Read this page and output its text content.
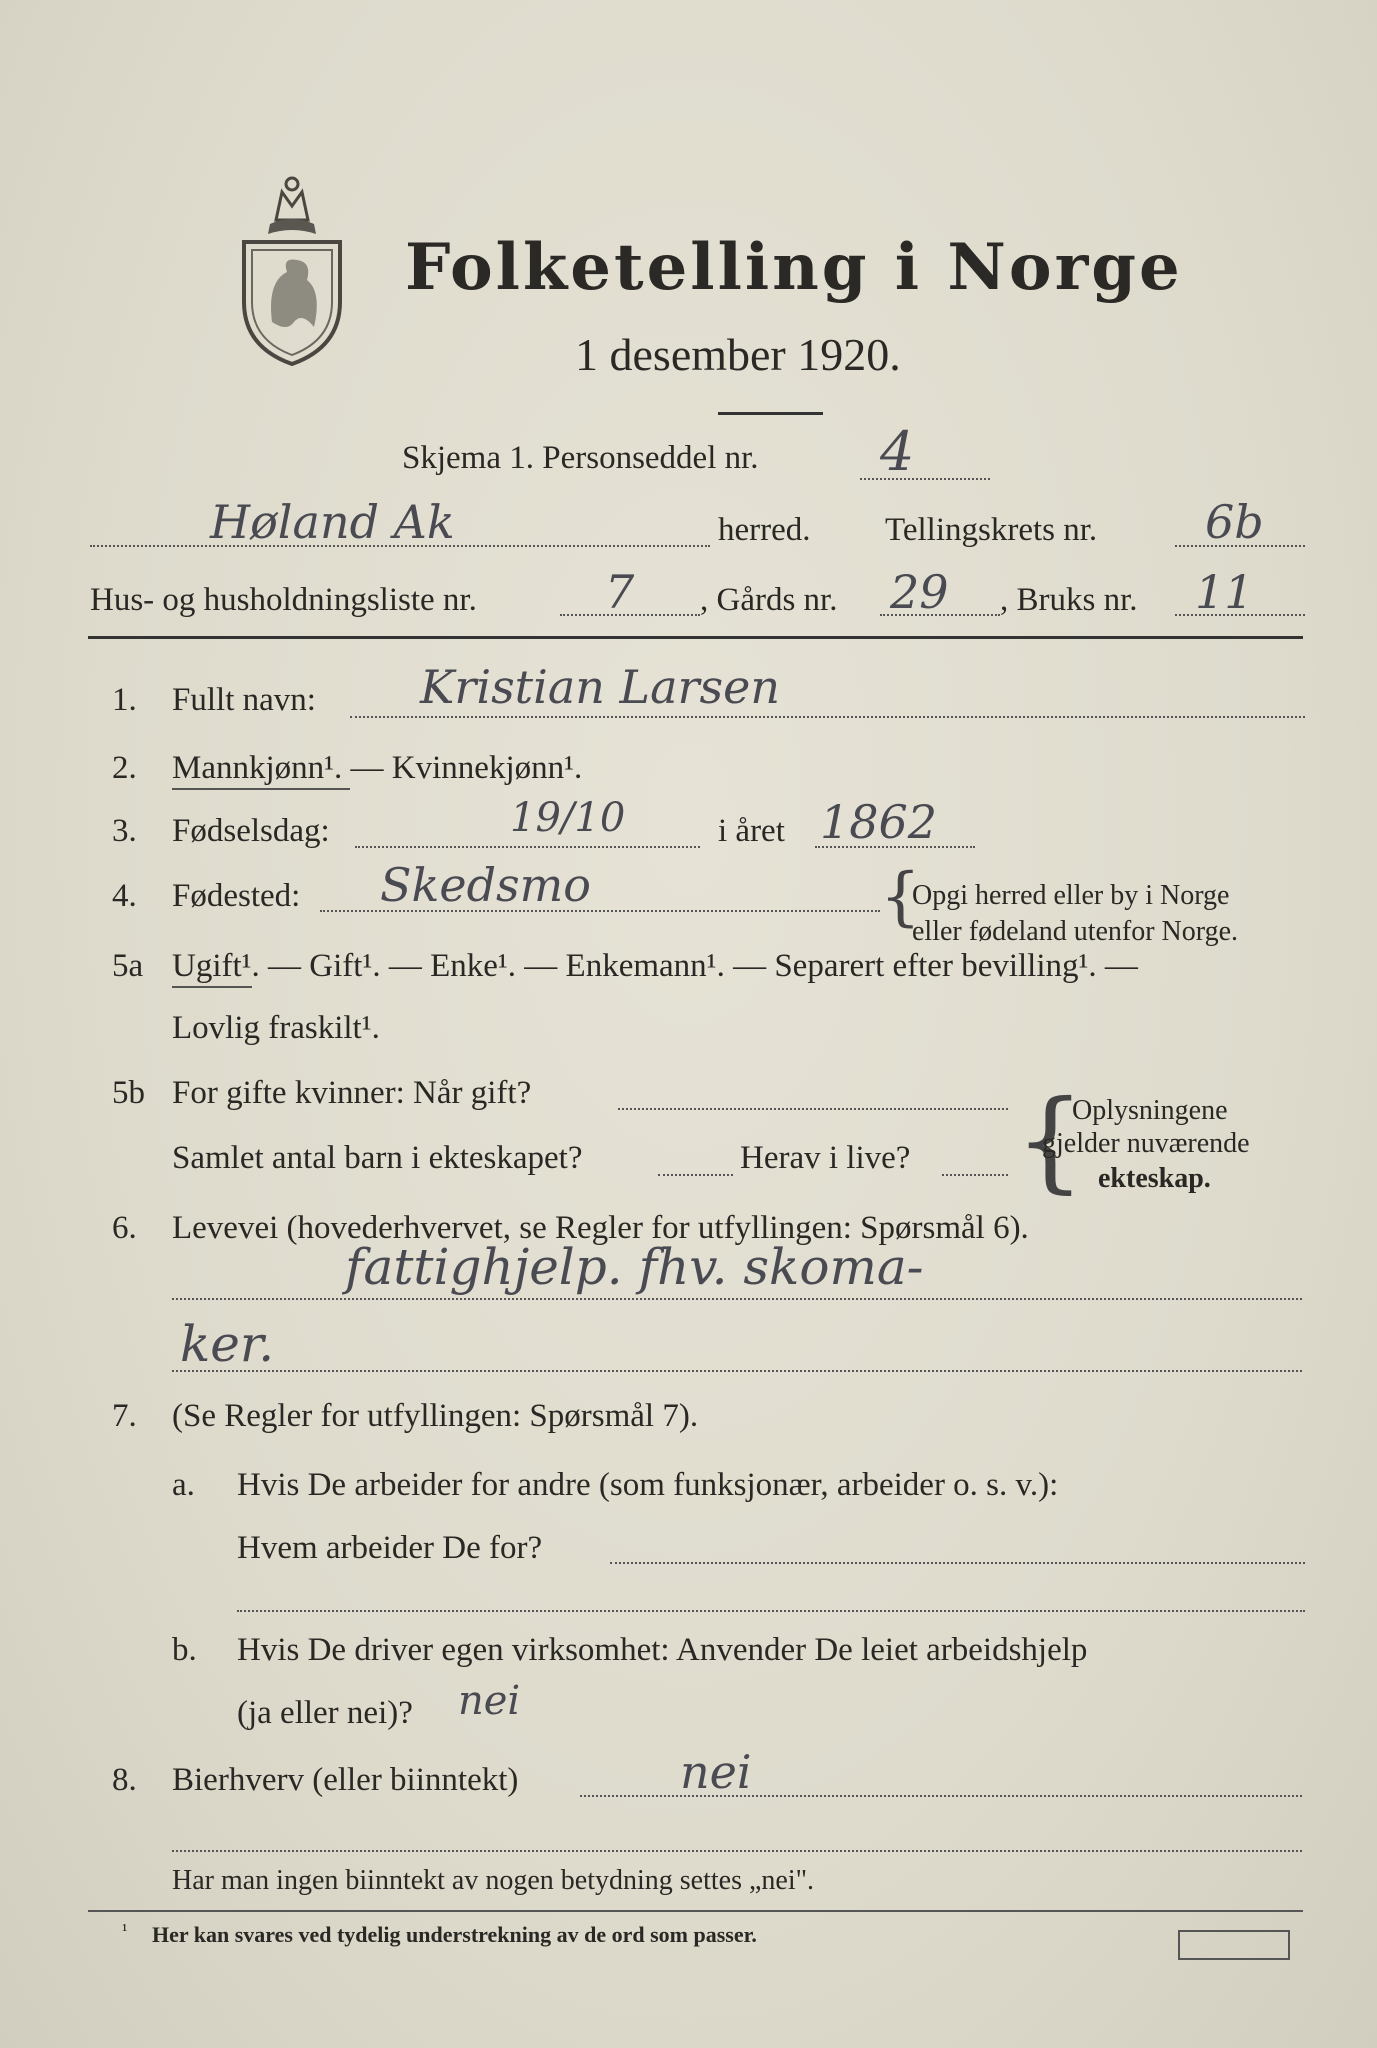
Folketelling i Norge
1 desember 1920.
Skjema 1. Personseddel nr. 4
Høland Ak	herred. Tellingskrets nr. 6b
Hus- og husholdningsliste nr.	7 , Gårds nr. 29 , Bruks nr. 11
1. Fullt navn: Kristian Larsen
2. Mannkjønn¹. — Kvinnekjønn¹.
3. Fødselsdag:	19/10	i året 1862
4. Fødested: Skedsmo	{
Opgi herred eller by i Norge
eller fødeland utenfor Norge.
5a Ugift¹. — Gift¹. — Enke¹. — Enkemann¹. — Separert efter bevilling¹. —
Lovlig fraskilt¹.
5b For gifte kvinner: Når gift?
Samlet antal barn i ekteskapet?	Herav i live? {
Oplysningene
gjelder nuværende
ekteskap.
6. Levevei (hovederhvervet, se Regler for utfyllingen: Spørsmål 6).
fattighjelp. fhv. skoma-
ker.
7. (Se Regler for utfyllingen: Spørsmål 7).
a. Hvis De arbeider for andre (som funksjonær, arbeider o. s. v.):
Hvem arbeider De for?
b. Hvis De driver egen virksomhet: Anvender De leiet arbeidshjelp
(ja eller nei)? nei
8. Bierhverv (eller biinntekt)	nei
Har man ingen biinntekt av nogen betydning settes „nei".
¹ Her kan svares ved tydelig understrekning av de ord som passer.
